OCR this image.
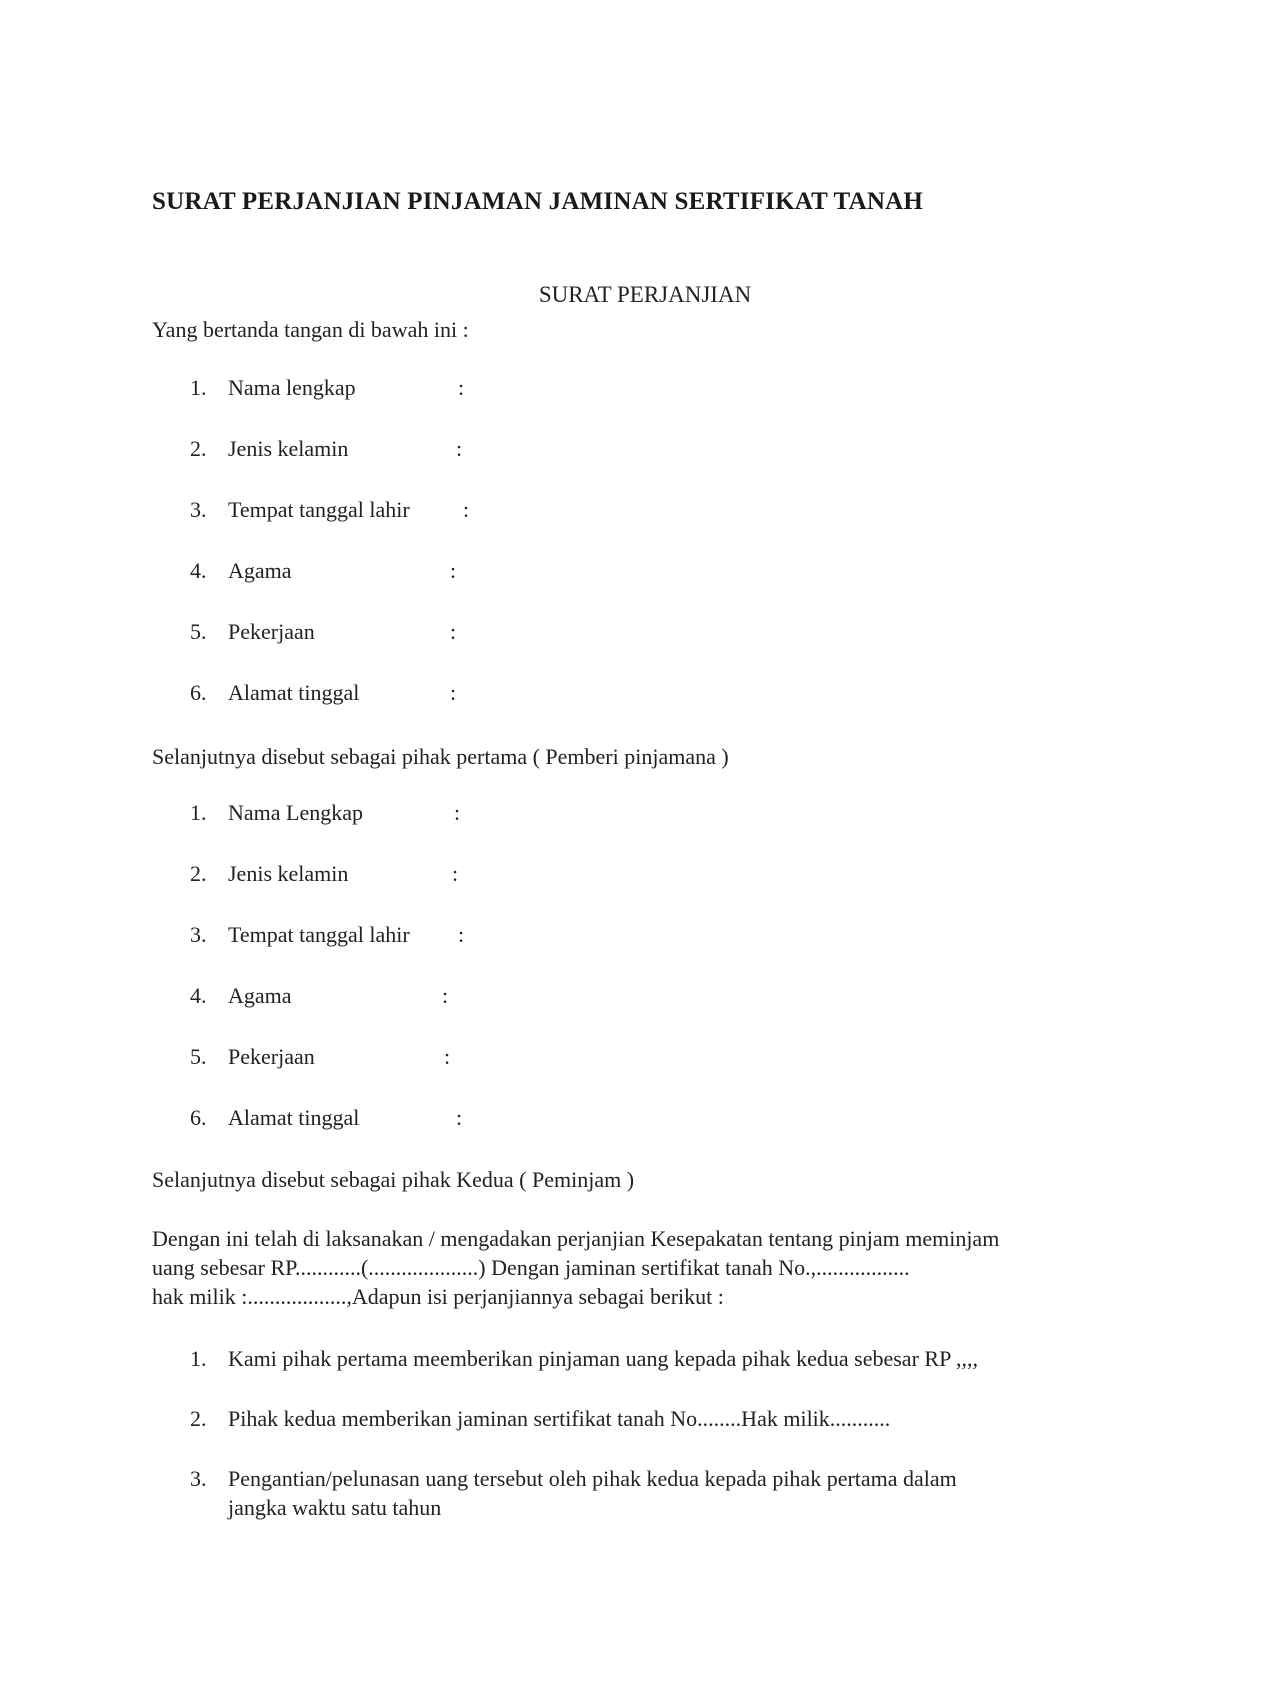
SURAT PERJANJIAN PINJAMAN JAMINAN SERTIFIKAT TANAH
SURAT PERJANJIAN
Yang bertanda tangan di bawah ini :
1. Nama lengkap	:
2. Jenis kelamin	:
3. Tempat tanggal lahir :
4. Agama	:
5. Pekerjaan	:
6. Alamat tinggal	:
Selanjutnya disebut sebagai pihak pertama ( Pemberi pinjamana )
1. Nama Lengkap	:
2. Jenis kelamin	:
3. Tempat tanggal lahir :
4. Agama	:
5. Pekerjaan	:
6. Alamat tinggal	:
Selanjutnya disebut sebagai pihak Kedua ( Peminjam )
Dengan ini telah di laksanakan / mengadakan perjanjian Kesepakatan tentang pinjam meminjam
uang sebesar RP............(....................) Dengan jaminan sertifikat tanah No.,.................
hak milik :..................,Adapun isi perjanjiannya sebagai berikut :
1. Kami pihak pertama meemberikan pinjaman uang kepada pihak kedua sebesar RP ,,,,
2. Pihak kedua memberikan jaminan sertifikat tanah No........Hak milik...........
3. Pengantian/pelunasan uang tersebut oleh pihak kedua kepada pihak pertama dalam
jangka waktu satu tahun
